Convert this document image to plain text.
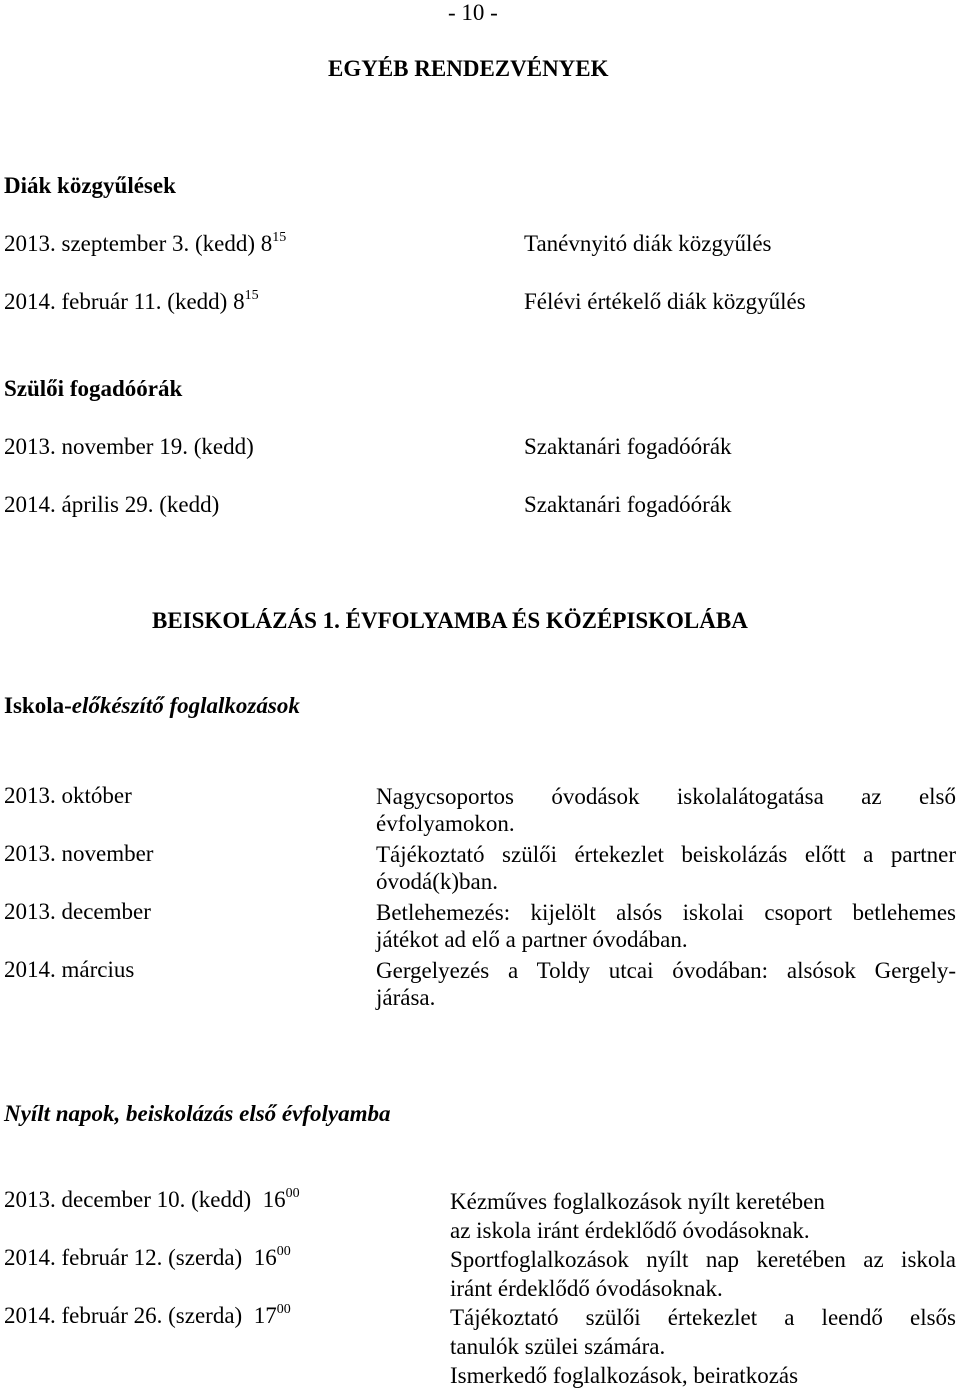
- 10 -
EGYÉB RENDEZVÉNYEK
Diák közgyűlések
2013. szeptember 3. (kedd) $8^{15}$	Tanévnyitó diák közgyűlés
2014. február 11. (kedd) $8^{15}$	Félévi értékelő diák közgyűlés
Szülői fogadóórák
2013. november 19. (kedd)	Szaktanári fogadóórák
2014. április 29. (kedd)	Szaktanári fogadóórák
BEISKOLÁZÁS 1. ÉVFOLYAMBA ÉS KÖZÉPISKOLÁBA
Iskola-előkészítő foglalkozások
2013. október	Nagycsoportos óvodások iskolalátogatása az első
évfolyamokon.
2013. november	Tájékoztató szülői értekezlet beiskolázás előtt a partner
óvodá(k)ban.
2013. december	Betlehemezés: kijelölt alsós iskolai csoport betlehemes
játékot ad elő a partner óvodában.
2014. március	Gergelyezés a Toldy utcai óvodában: alsósok Gergely-
járása.
Nyílt napok, beiskolázás első évfolyamba
2013. december 10. (kedd)  $16^{00}$	Kézműves foglalkozások nyílt keretében
az iskola iránt érdeklődő óvodásoknak.
2014. február 12. (szerda)  $16^{00}$	Sportfoglalkozások nyílt nap keretében az iskola
iránt érdeklődő óvodásoknak.
2014. február 26. (szerda)  $17^{00}$	Tájékoztató szülői értekezlet a leendő elsős
tanulók szülei számára.
Ismerkedő foglalkozások, beiratkozás
